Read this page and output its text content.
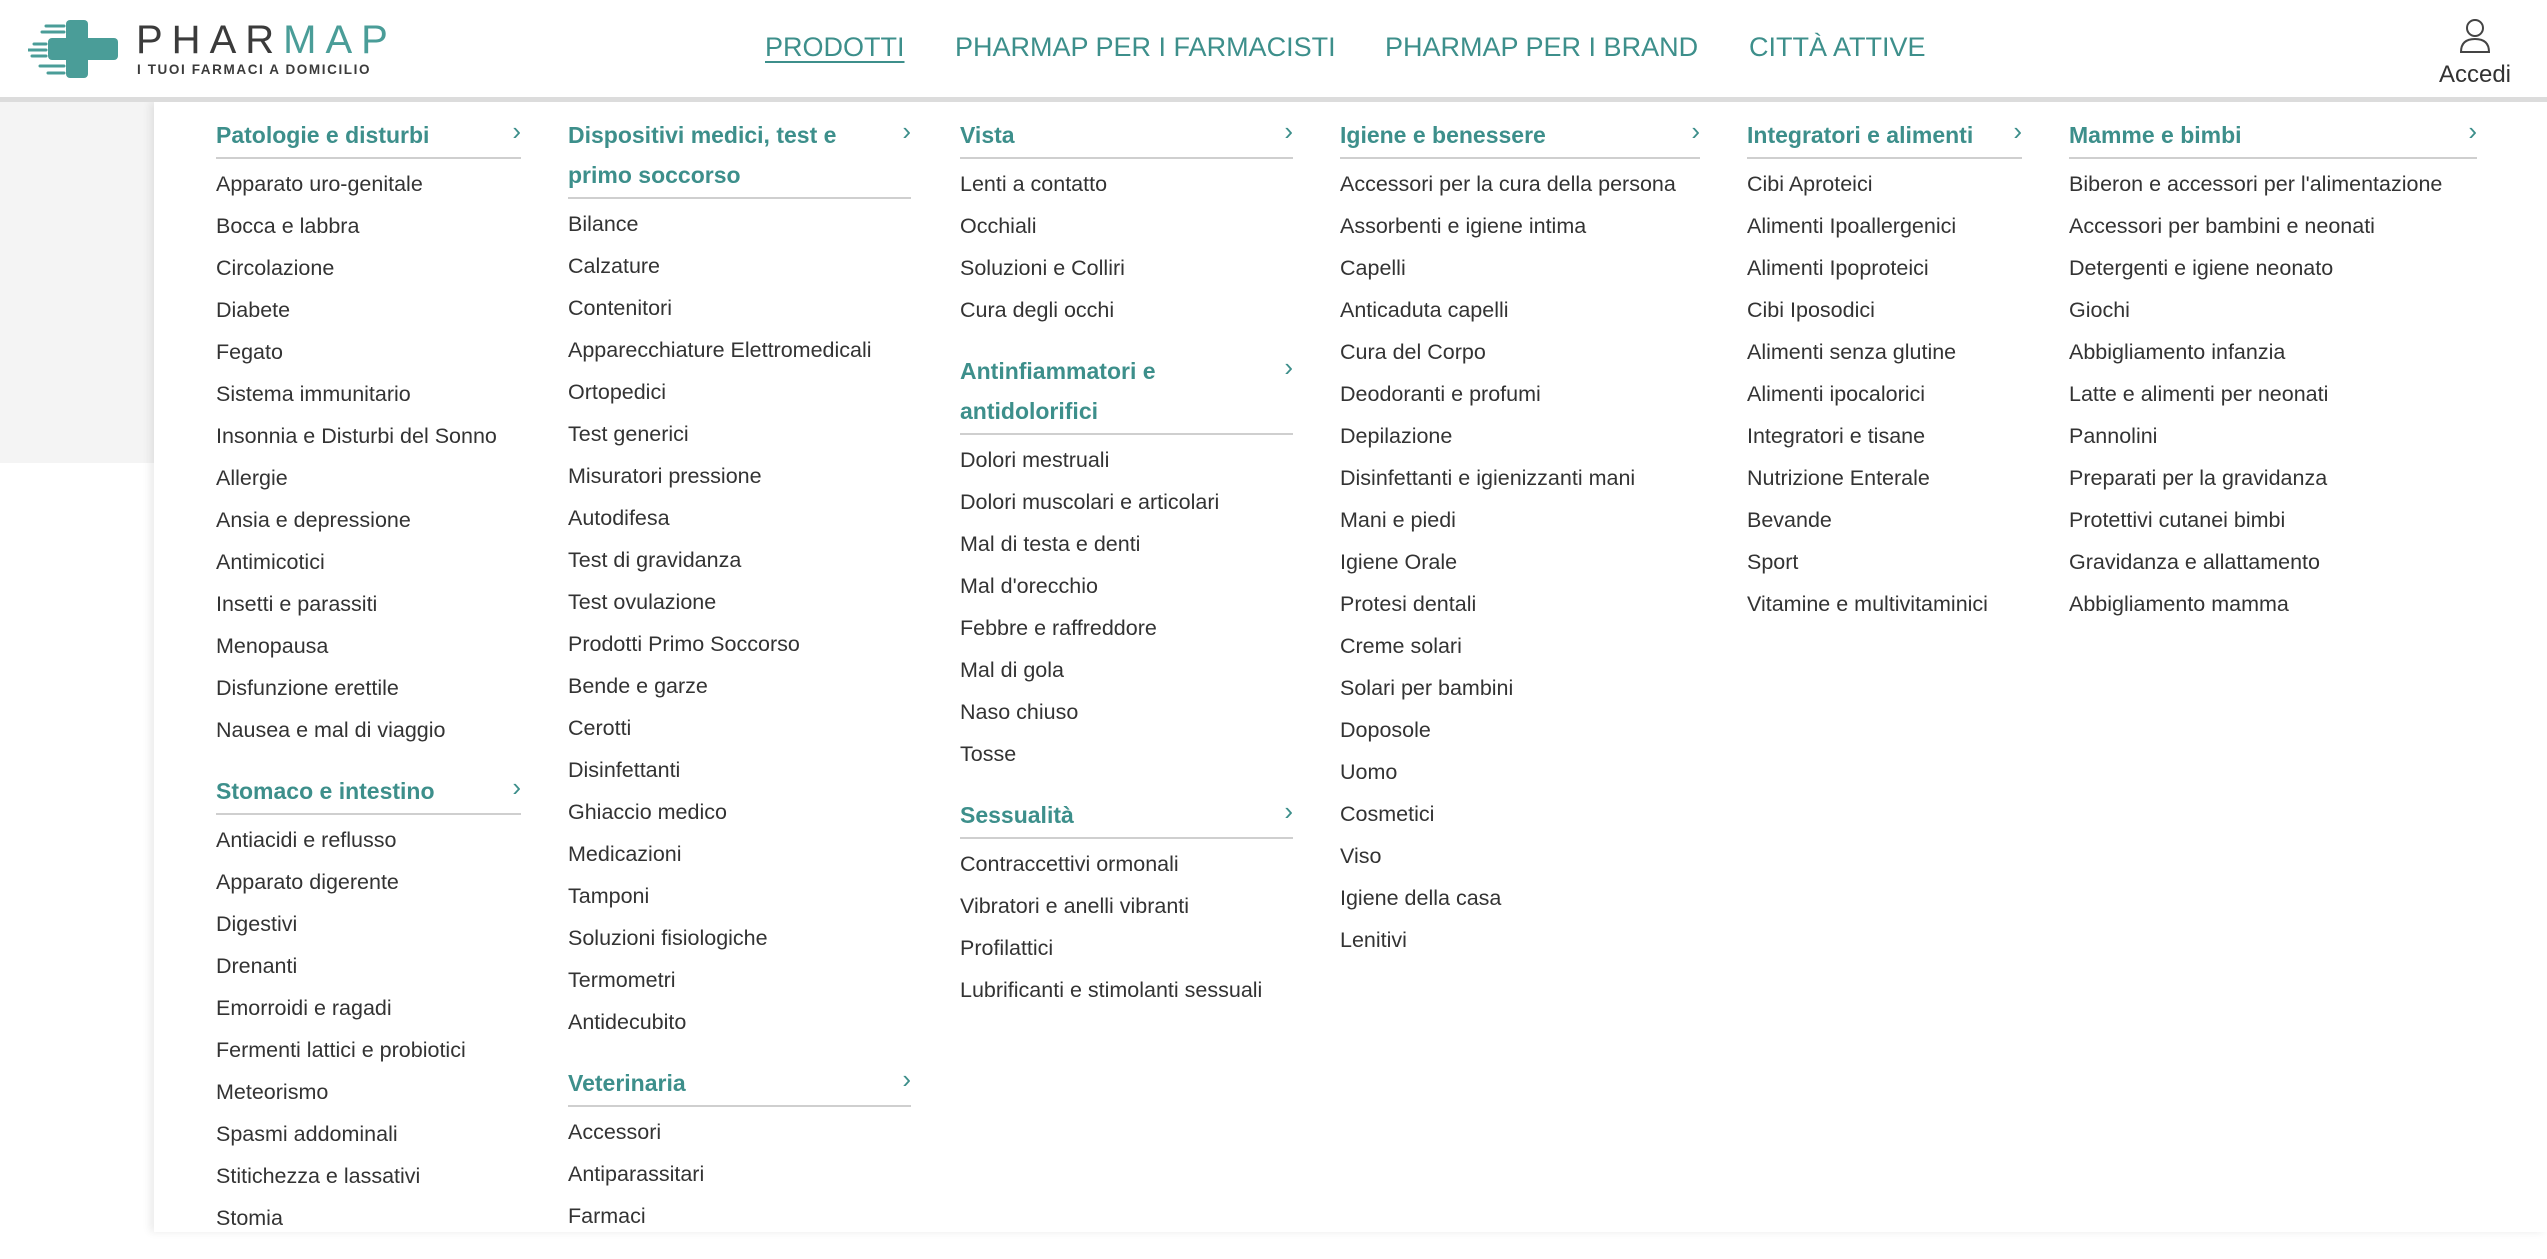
PHARMAP
I TUOI FARMACI A DOMICILIO
PRODOTTI PHARMAP PER I FARMACISTI PHARMAP PER I BRAND CITTÀ ATTIVE
Accedi
Patologie e disturbi	›
Apparato uro-genitale
Bocca e labbra
Circolazione
Diabete
Fegato
Sistema immunitario
Insonnia e Disturbi del Sonno
Allergie
Ansia e depressione
Antimicotici
Insetti e parassiti
Menopausa
Disfunzione erettile
Nausea e mal di viaggio
Stomaco e intestino	›
Antiacidi e reflusso
Apparato digerente
Digestivi
Drenanti
Emorroidi e ragadi
Fermenti lattici e probiotici
Meteorismo
Spasmi addominali
Stitichezza e lassativi
Stomia
Dispositivi medici, test e primo soccorso
›
Bilance
Calzature
Contenitori
Apparecchiature Elettromedicali
Ortopedici
Test generici
Misuratori pressione
Autodifesa
Test di gravidanza
Test ovulazione
Prodotti Primo Soccorso
Bende e garze
Cerotti
Disinfettanti
Ghiaccio medico
Medicazioni
Tamponi
Soluzioni fisiologiche
Termometri
Antidecubito
Veterinaria	›
Accessori
Antiparassitari
Farmaci
Vista	›
Lenti a contatto
Occhiali
Soluzioni e Colliri
Cura degli occhi
Antinfiammatori e antidolorifici
›
Dolori mestruali
Dolori muscolari e articolari
Mal di testa e denti
Mal d'orecchio
Febbre e raffreddore
Mal di gola
Naso chiuso
Tosse
Sessualità	›
Contraccettivi ormonali
Vibratori e anelli vibranti
Profilattici
Lubrificanti e stimolanti sessuali
Igiene e benessere	›
Accessori per la cura della persona
Assorbenti e igiene intima
Capelli
Anticaduta capelli
Cura del Corpo
Deodoranti e profumi
Depilazione
Disinfettanti e igienizzanti mani
Mani e piedi
Igiene Orale
Protesi dentali
Creme solari
Solari per bambini
Doposole
Uomo
Cosmetici
Viso
Igiene della casa
Lenitivi
Integratori e alimenti ›
Cibi Aproteici
Alimenti Ipoallergenici
Alimenti Ipoproteici
Cibi Iposodici
Alimenti senza glutine
Alimenti ipocalorici
Integratori e tisane
Nutrizione Enterale
Bevande
Sport
Vitamine e multivitaminici
Mamme e bimbi	›
Biberon e accessori per l'alimentazione
Accessori per bambini e neonati
Detergenti e igiene neonato
Giochi
Abbigliamento infanzia
Latte e alimenti per neonati
Pannolini
Preparati per la gravidanza
Protettivi cutanei bimbi
Gravidanza e allattamento
Abbigliamento mamma
